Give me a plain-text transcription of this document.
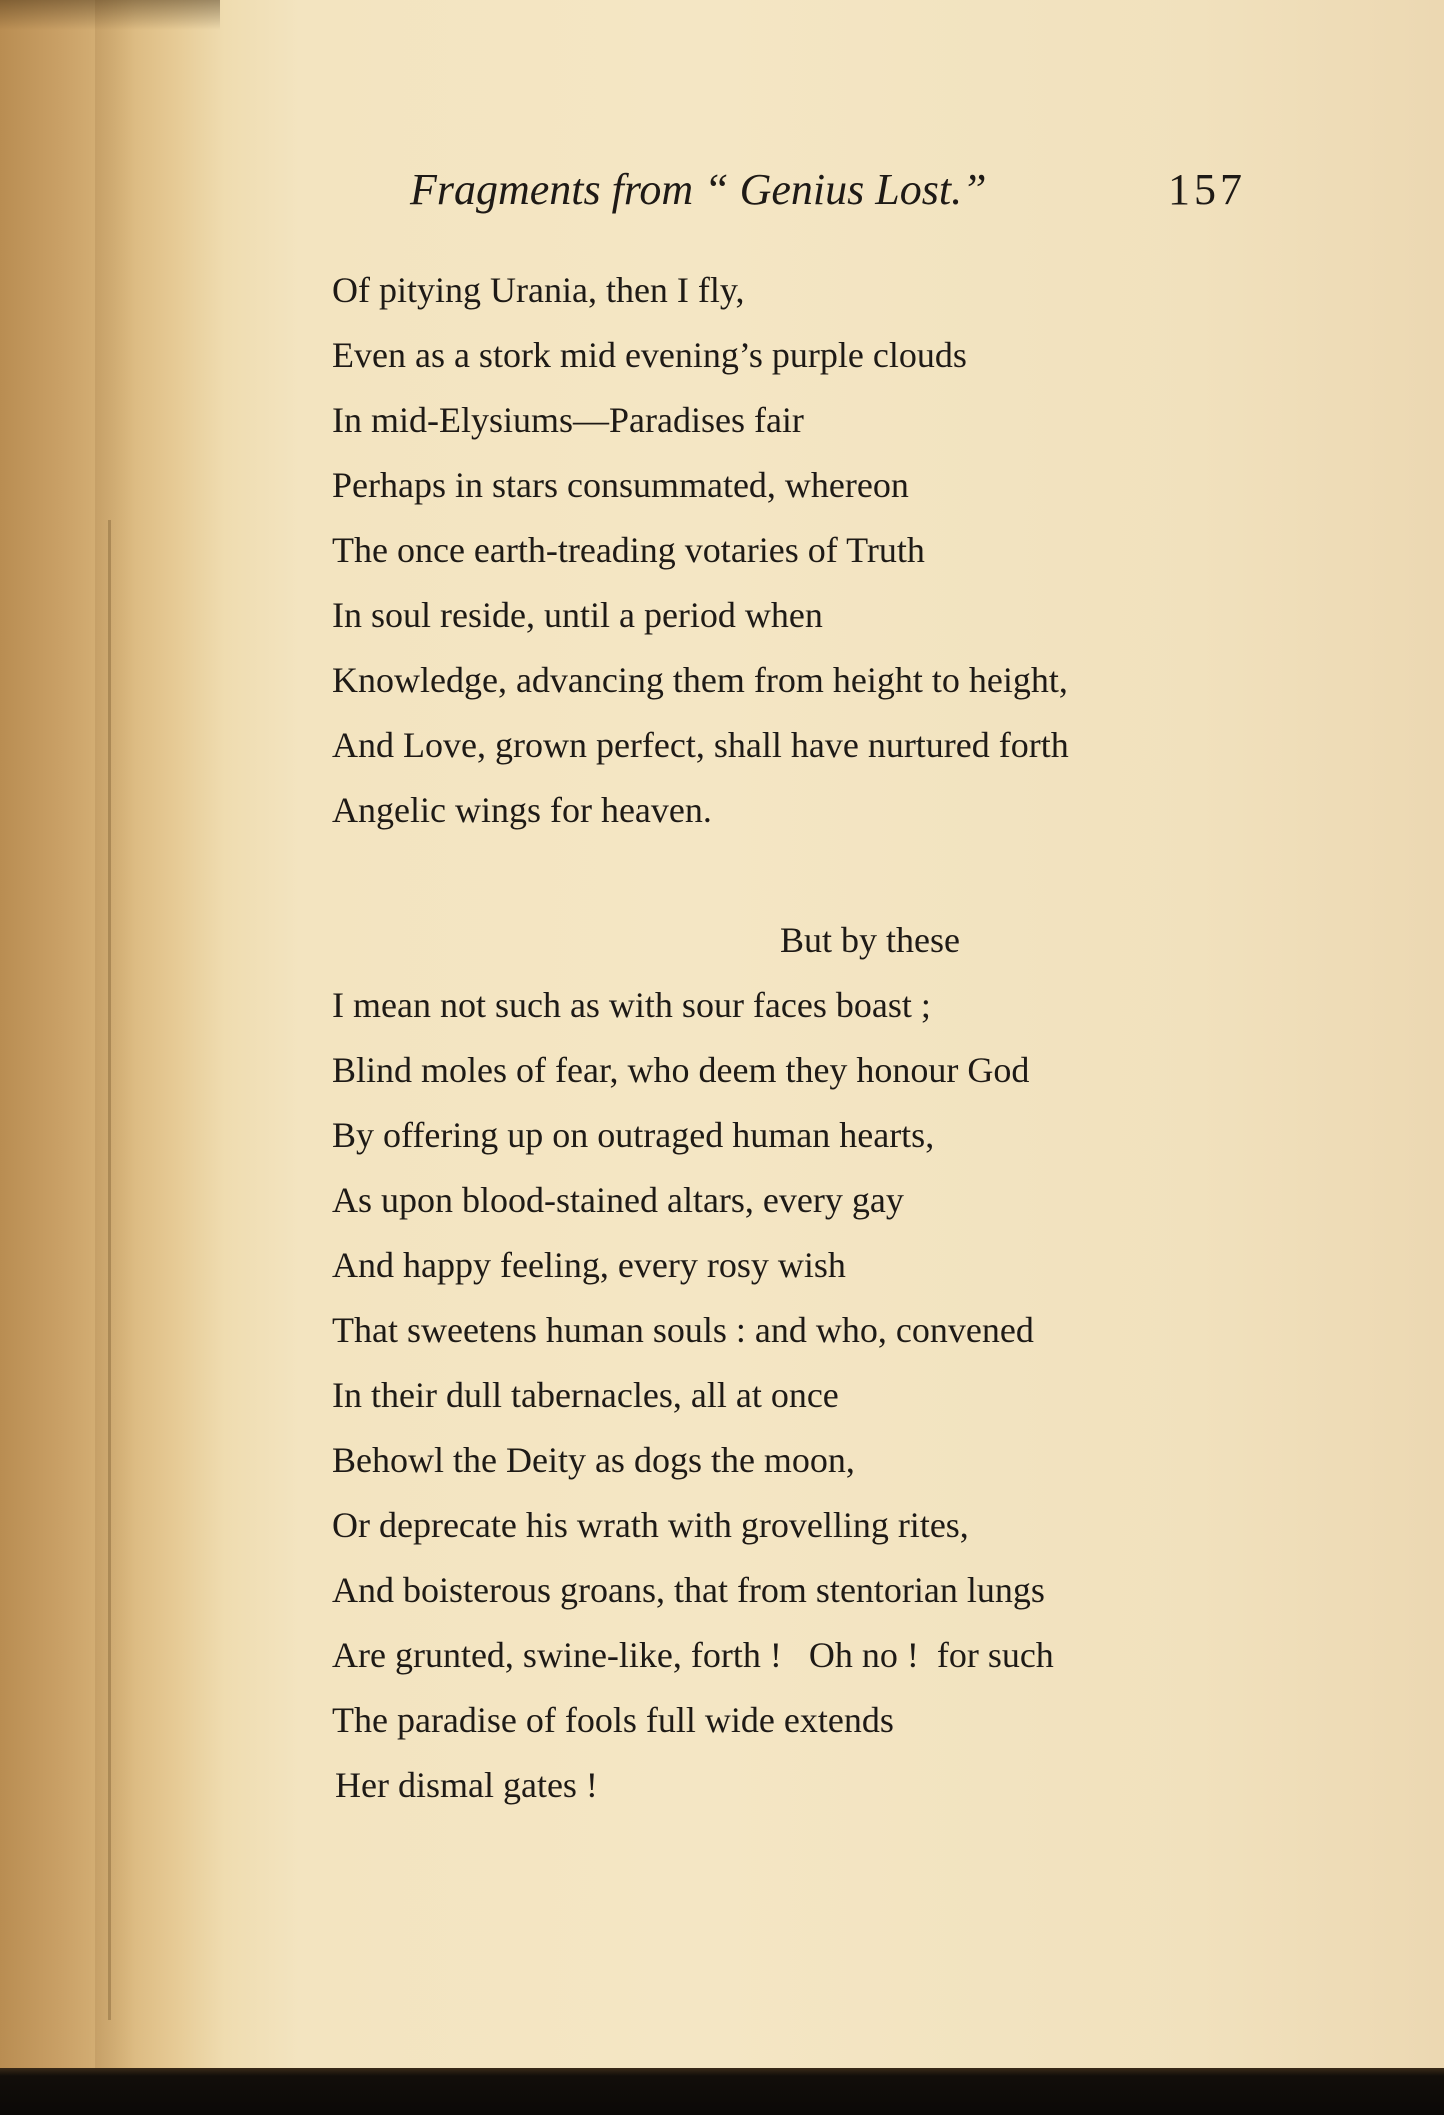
Fragments from “ Genius Lost.”	157
Of pitying Urania, then I fly,
Even as a stork mid evening’s purple clouds
In mid-Elysiums—Paradises fair
Perhaps in stars consummated, whereon
The once earth-treading votaries of Truth
In soul reside, until a period when
Knowledge, advancing them from height to height,
And Love, grown perfect, shall have nurtured forth
Angelic wings for heaven.
But by these
I mean not such as with sour faces boast ;
Blind moles of fear, who deem they honour God
By offering up on outraged human hearts,
As upon blood-stained altars, every gay
And happy feeling, every rosy wish
That sweetens human souls : and who, convened
In their dull tabernacles, all at once
Behowl the Deity as dogs the moon,
Or deprecate his wrath with grovelling rites,
And boisterous groans, that from stentorian lungs
Are grunted, swine-like, forth !   Oh no !  for such
The paradise of fools full wide extends
Her dismal gates !
